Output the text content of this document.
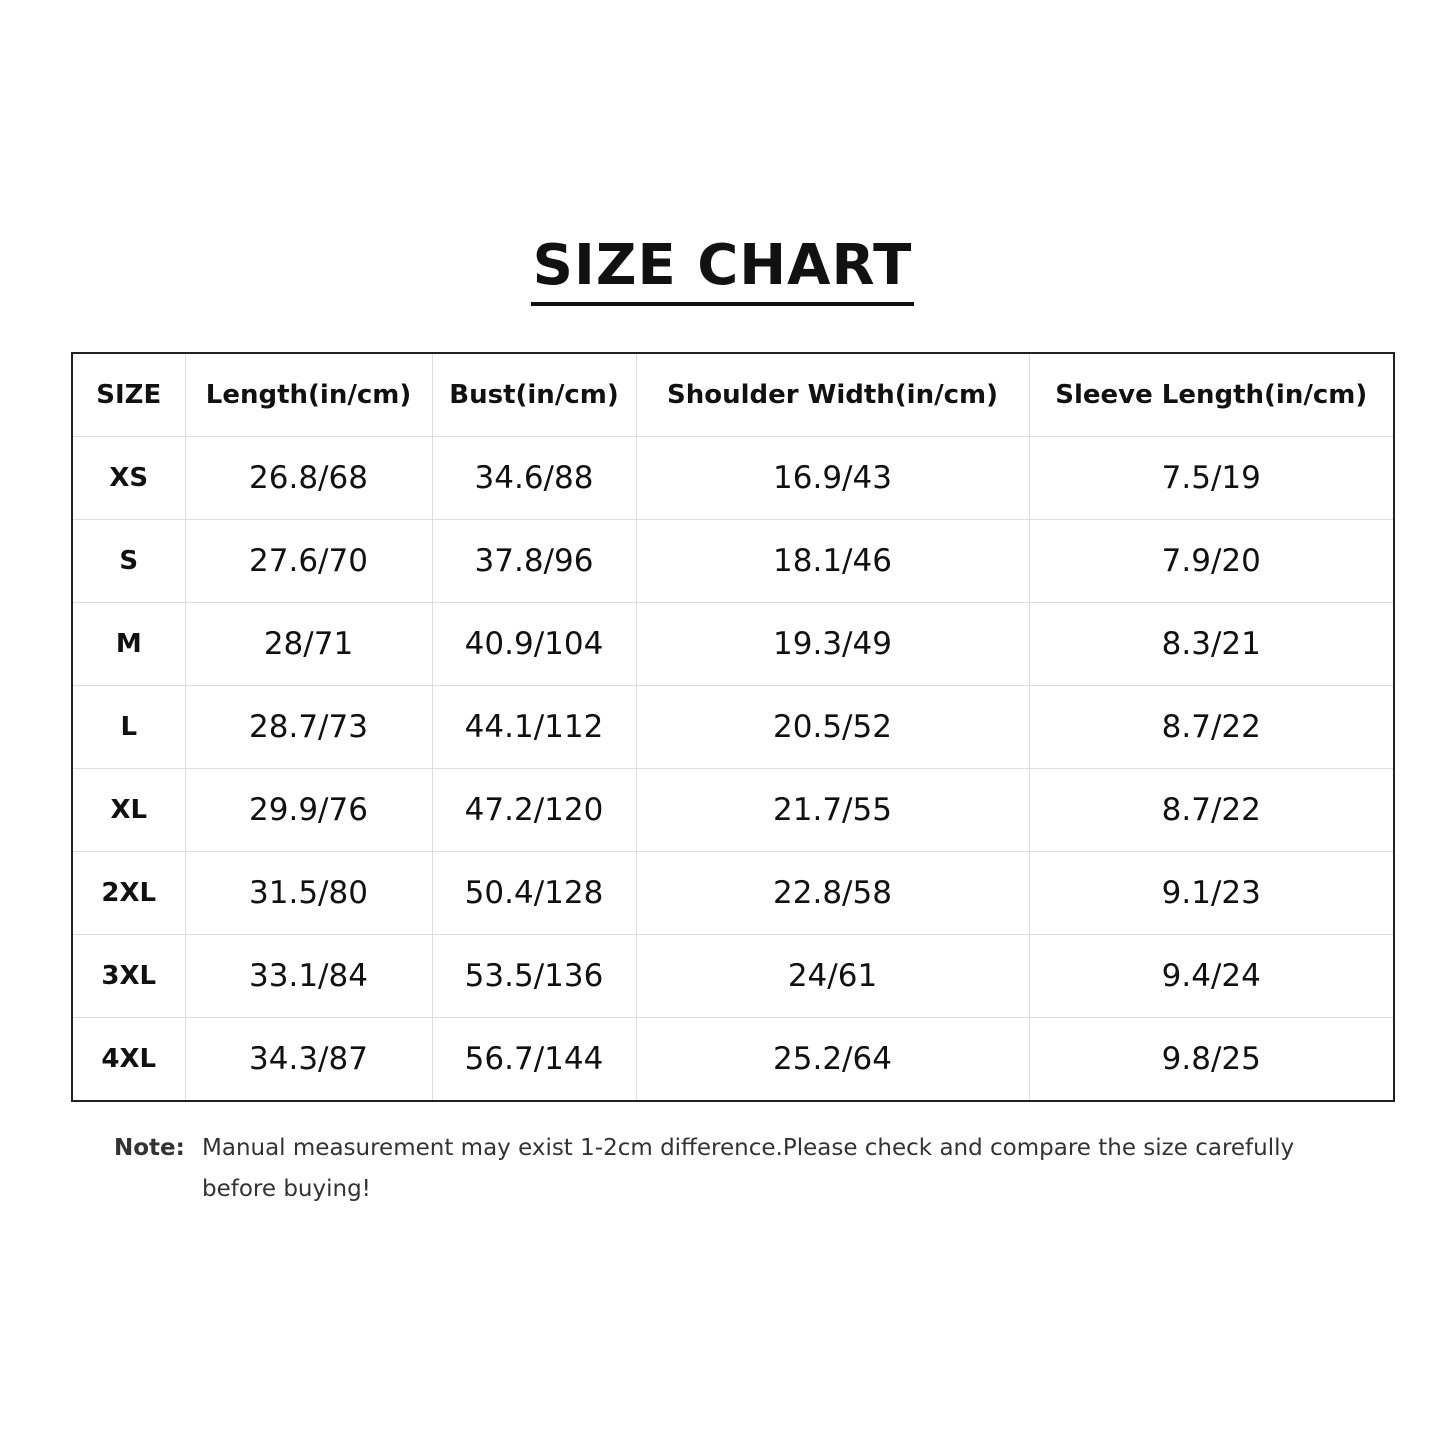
SIZE CHART
SIZE	Length(in/cm)	Bust(in/cm)	Shoulder Width(in/cm)	Sleeve Length(in/cm)
XS	26.8/68	34.6/88	16.9/43	7.5/19
S	27.6/70	37.8/96	18.1/46	7.9/20
M	28/71	40.9/104	19.3/49	8.3/21
L	28.7/73	44.1/112	20.5/52	8.7/22
XL	29.9/76	47.2/120	21.7/55	8.7/22
2XL	31.5/80	50.4/128	22.8/58	9.1/23
3XL	33.1/84	53.5/136	24/61	9.4/24
4XL	34.3/87	56.7/144	25.2/64	9.8/25
Note: Manual measurement may exist 1-2cm difference.Please check and compare the size carefully before buying!
